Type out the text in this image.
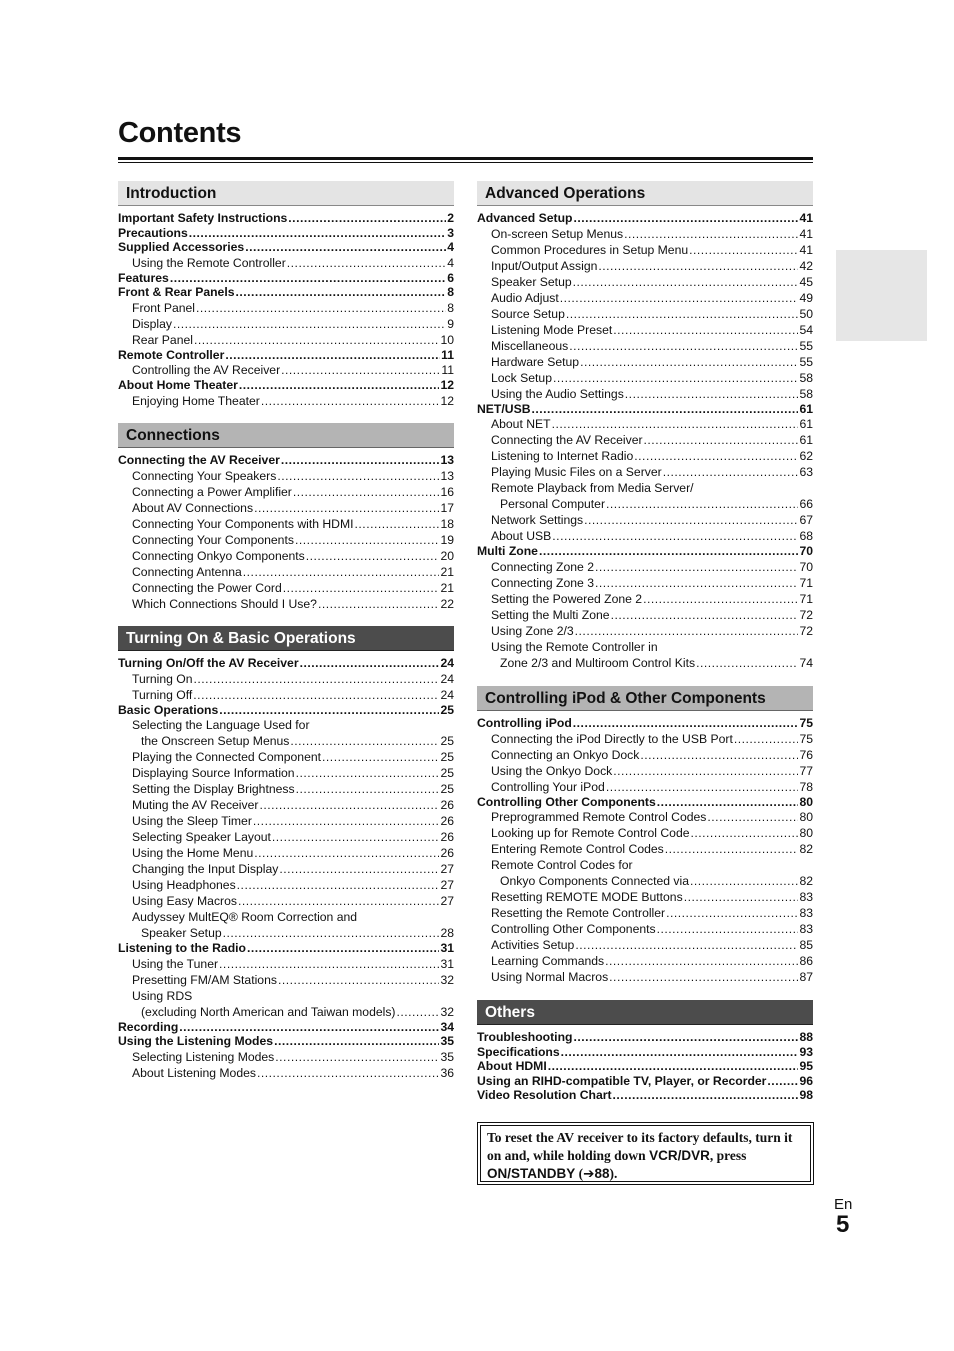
Contents
Introduction
Important Safety Instructions .....	2
Precautions .....	3
Supplied Accessories .....	4
Using the Remote Controller .....	4
Features .....	6
Front & Rear Panels .....	8
Front Panel .....	8
Display .....	9
Rear Panel .....	10
Remote Controller .....	11
Controlling the AV Receiver .....	11
About Home Theater .....	12
Enjoying Home Theater .....	12
Connections
Connecting the AV Receiver .....	13
Connecting Your Speakers .....	13
Connecting a Power Amplifier .....	16
About AV Connections .....	17
Connecting Your Components with HDMI .....	18
Connecting Your Components .....	19
Connecting Onkyo Components .....	20
Connecting Antenna .....	21
Connecting the Power Cord .....	21
Which Connections Should I Use? .....	22
Turning On & Basic Operations
Turning On/Off the AV Receiver .....	24
Turning On .....	24
Turning Off .....	24
Basic Operations .....	25
Selecting the Language Used for
the Onscreen Setup Menus .....	25
Playing the Connected Component .....	25
Displaying Source Information .....	25
Setting the Display Brightness .....	25
Muting the AV Receiver .....	26
Using the Sleep Timer .....	26
Selecting Speaker Layout .....	26
Using the Home Menu .....	26
Changing the Input Display .....	27
Using Headphones .....	27
Using Easy Macros .....	27
Audyssey MultEQ® Room Correction and
Speaker Setup .....	28
Listening to the Radio .....	31
Using the Tuner .....	31
Presetting FM/AM Stations .....	32
Using RDS
(excluding North American and Taiwan models) .....	32
Recording .....	34
Using the Listening Modes .....	35
Selecting Listening Modes .....	35
About Listening Modes .....	36
Advanced Operations
Advanced Setup .....	41
On-screen Setup Menus .....	41
Common Procedures in Setup Menu .....	41
Input/Output Assign .....	42
Speaker Setup .....	45
Audio Adjust .....	49
Source Setup .....	50
Listening Mode Preset .....	54
Miscellaneous .....	55
Hardware Setup .....	55
Lock Setup .....	58
Using the Audio Settings .....	58
NET/USB .....	61
About NET .....	61
Connecting the AV Receiver .....	61
Listening to Internet Radio .....	62
Playing Music Files on a Server .....	63
Remote Playback from Media Server/
Personal Computer .....	66
Network Settings .....	67
About USB .....	68
Multi Zone .....	70
Connecting Zone 2 .....	70
Connecting Zone 3 .....	71
Setting the Powered Zone 2 .....	71
Setting the Multi Zone .....	72
Using Zone 2/3 .....	72
Using the Remote Controller in
Zone 2/3 and Multiroom Control Kits .....	74
Controlling iPod & Other Components
Controlling iPod .....	75
Connecting the iPod Directly to the USB Port .....	75
Connecting an Onkyo Dock .....	76
Using the Onkyo Dock .....	77
Controlling Your iPod .....	78
Controlling Other Components .....	80
Preprogrammed Remote Control Codes .....	80
Looking up for Remote Control Code .....	80
Entering Remote Control Codes .....	82
Remote Control Codes for
Onkyo Components Connected via .....	82
Resetting REMOTE MODE Buttons .....	83
Resetting the Remote Controller .....	83
Controlling Other Components .....	83
Activities Setup .....	85
Learning Commands .....	86
Using Normal Macros .....	87
Others
Troubleshooting .....	88
Specifications .....	93
About HDMI .....	95
Using an RIHD-compatible TV, Player, or Recorder .....	96
Video Resolution Chart .....	98
To reset the AV receiver to its factory defaults, turn it on and, while holding down VCR/DVR, press ON/STANDBY (➔88).
En
5
